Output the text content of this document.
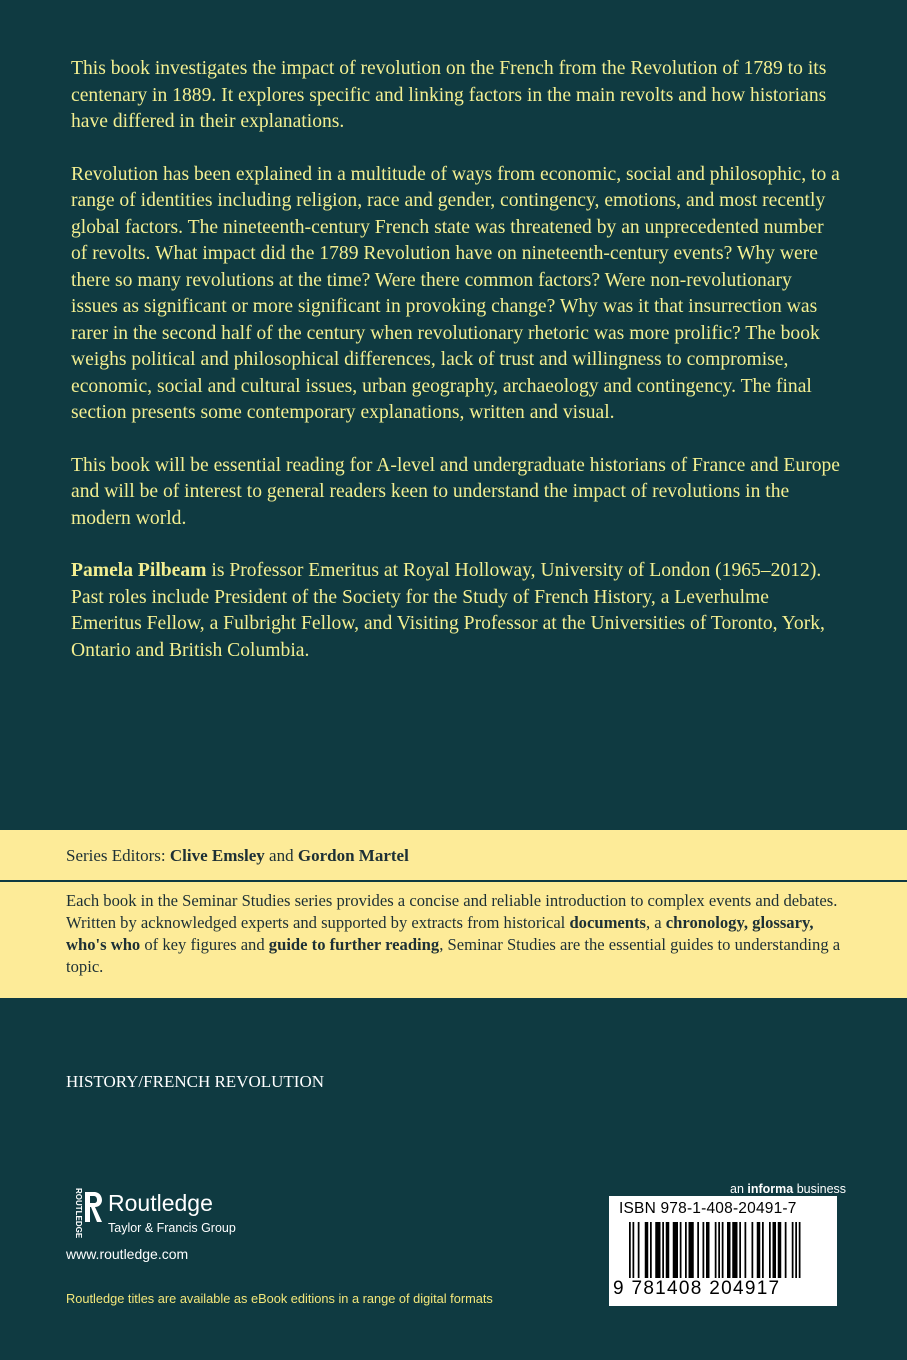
This book investigates the impact of revolution on the French from the Revolution of 1789 to its centenary in 1889. It explores specific and linking factors in the main revolts and how historians have differed in their explanations.

Revolution has been explained in a multitude of ways from economic, social and philosophic, to a range of identities including religion, race and gender, contingency, emotions, and most recently global factors. The nineteenth-century French state was threatened by an unprecedented number of revolts. What impact did the 1789 Revolution have on nineteenth-century events? Why were there so many revolutions at the time? Were there common factors? Were non-revolutionary issues as significant or more significant in provoking change? Why was it that insurrection was rarer in the second half of the century when revolutionary rhetoric was more prolific? The book weighs political and philosophical differences, lack of trust and willingness to compromise, economic, social and cultural issues, urban geography, archaeology and contingency. The final section presents some contemporary explanations, written and visual.

This book will be essential reading for A-level and undergraduate historians of France and Europe and will be of interest to general readers keen to understand the impact of revolutions in the modern world.

Pamela Pilbeam is Professor Emeritus at Royal Holloway, University of London (1965–2012). Past roles include President of the Society for the Study of French History, a Leverhulme Emeritus Fellow, a Fulbright Fellow, and Visiting Professor at the Universities of Toronto, York, Ontario and British Columbia.

Series Editors: Clive Emsley and Gordon Martel
Each book in the Seminar Studies series provides a concise and reliable introduction to complex events and debates. Written by acknowledged experts and supported by extracts from historical documents, a chronology, glossary, who's who of key figures and guide to further reading, Seminar Studies are the essential guides to understanding a topic.
HISTORY/FRENCH REVOLUTION
ROUTLEDGE Routledge
Taylor & Francis Group
www.routledge.com
Routledge titles are available as eBook editions in a range of digital formats
an informa business
ISBN 978-1-408-20491-7
9 781408 204917
